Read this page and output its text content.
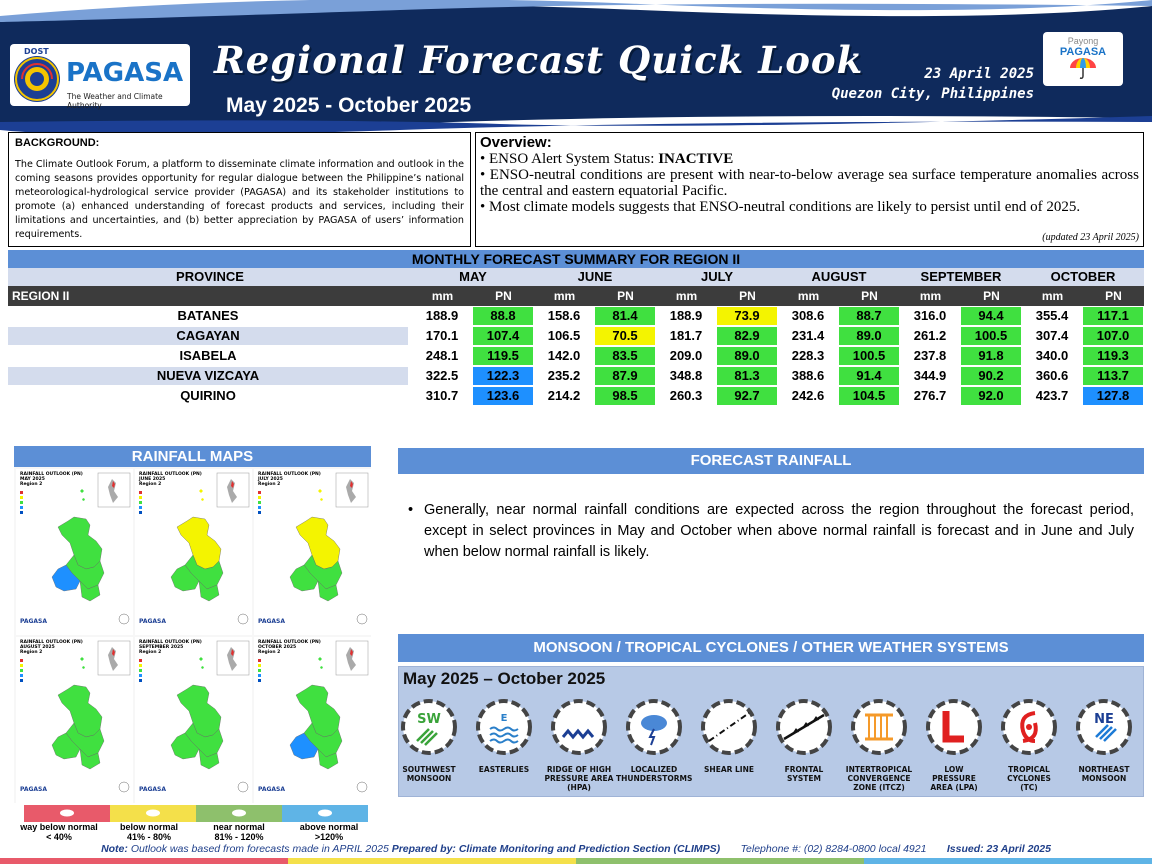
DOST
PAGASA
The Weather and Climate Authority
Regional Forecast Quick Look
May 2025 - October 2025
23 April 2025
Quezon City, Philippines
Payong
PAGASA
BACKGROUND:
The Climate Outlook Forum, a platform to disseminate climate information and outlook in the coming seasons provides opportunity for regular dialogue between the Philippine’s national meteorological-hydrological service provider (PAGASA) and its stakeholder institutions to promote (a) enhanced understanding of forecast products and services, including their limitations and uncertainties, and (b) better appreciation by PAGASA of users’ information requirements.
Overview:
• ENSO Alert System Status: INACTIVE
• ENSO-neutral conditions are present with near-to-below average sea surface temperature anomalies across the central and eastern equatorial Pacific.
• Most climate models suggests that ENSO-neutral conditions are likely to persist until end of 2025.
(updated 23 April 2025)
MONTHLY FORECAST SUMMARY FOR REGION II
PROVINCE	MAY	JUNE	JULY	AUGUST	SEPTEMBER	OCTOBER
REGION II	mm	PN	mm	PN	mm	PN	mm	PN	mm	PN	mm	PN
BATANES	188.9	88.8	158.6	81.4	188.9	73.9	308.6	88.7	316.0	94.4	355.4	117.1
CAGAYAN	170.1	107.4	106.5	70.5	181.7	82.9	231.4	89.0	261.2	100.5	307.4	107.0
ISABELA	248.1	119.5	142.0	83.5	209.0	89.0	228.3	100.5	237.8	91.8	340.0	119.3
NUEVA VIZCAYA	322.5	122.3	235.2	87.9	348.8	81.3	388.6	91.4	344.9	90.2	360.6	113.7
QUIRINO	310.7	123.6	214.2	98.5	260.3	92.7	242.6	104.5	276.7	92.0	423.7	127.8
RAINFALL MAPS
RAINFALL OUTLOOK (PN)
MAY 2025
Region 2
PAGASA
RAINFALL OUTLOOK (PN)
JUNE 2025
Region 2
PAGASA
RAINFALL OUTLOOK (PN)
JULY 2025
Region 2
PAGASA
RAINFALL OUTLOOK (PN)
AUGUST 2025
Region 2
PAGASA
RAINFALL OUTLOOK (PN)
SEPTEMBER 2025
Region 2
PAGASA
RAINFALL OUTLOOK (PN)
OCTOBER 2025
Region 2
PAGASA
way below normal
< 40%
below normal
41% - 80%
near normal
81% - 120%
above normal
>120%
FORECAST RAINFALL
• Generally, near normal rainfall conditions are expected across the region throughout the forecast period, except in select provinces in May and October when above normal rainfall is forecast and in June and July when below normal rainfall is likely.
MONSOON / TROPICAL CYCLONES / OTHER WEATHER SYSTEMS
May 2025 – October 2025
SW
SOUTHWEST
MONSOON
E
EASTERLIES	RIDGE OF HIGH
PRESSURE AREA
(HPA)
LOCALIZED
THUNDERSTORMS
SHEAR LINE	FRONTAL
SYSTEM
INTERTROPICAL
CONVERGENCE
ZONE (ITCZ)
LOW
PRESSURE
AREA (LPA)
TROPICAL
CYCLONES
(TC)
NE
NORTHEAST
MONSOON
Note: Outlook was based from forecasts made in APRIL 2025 Prepared by: Climate Monitoring and Prediction Section (CLIMPS) Telephone #: (02) 8284-0800 local 4921 Issued: 23 April 2025
